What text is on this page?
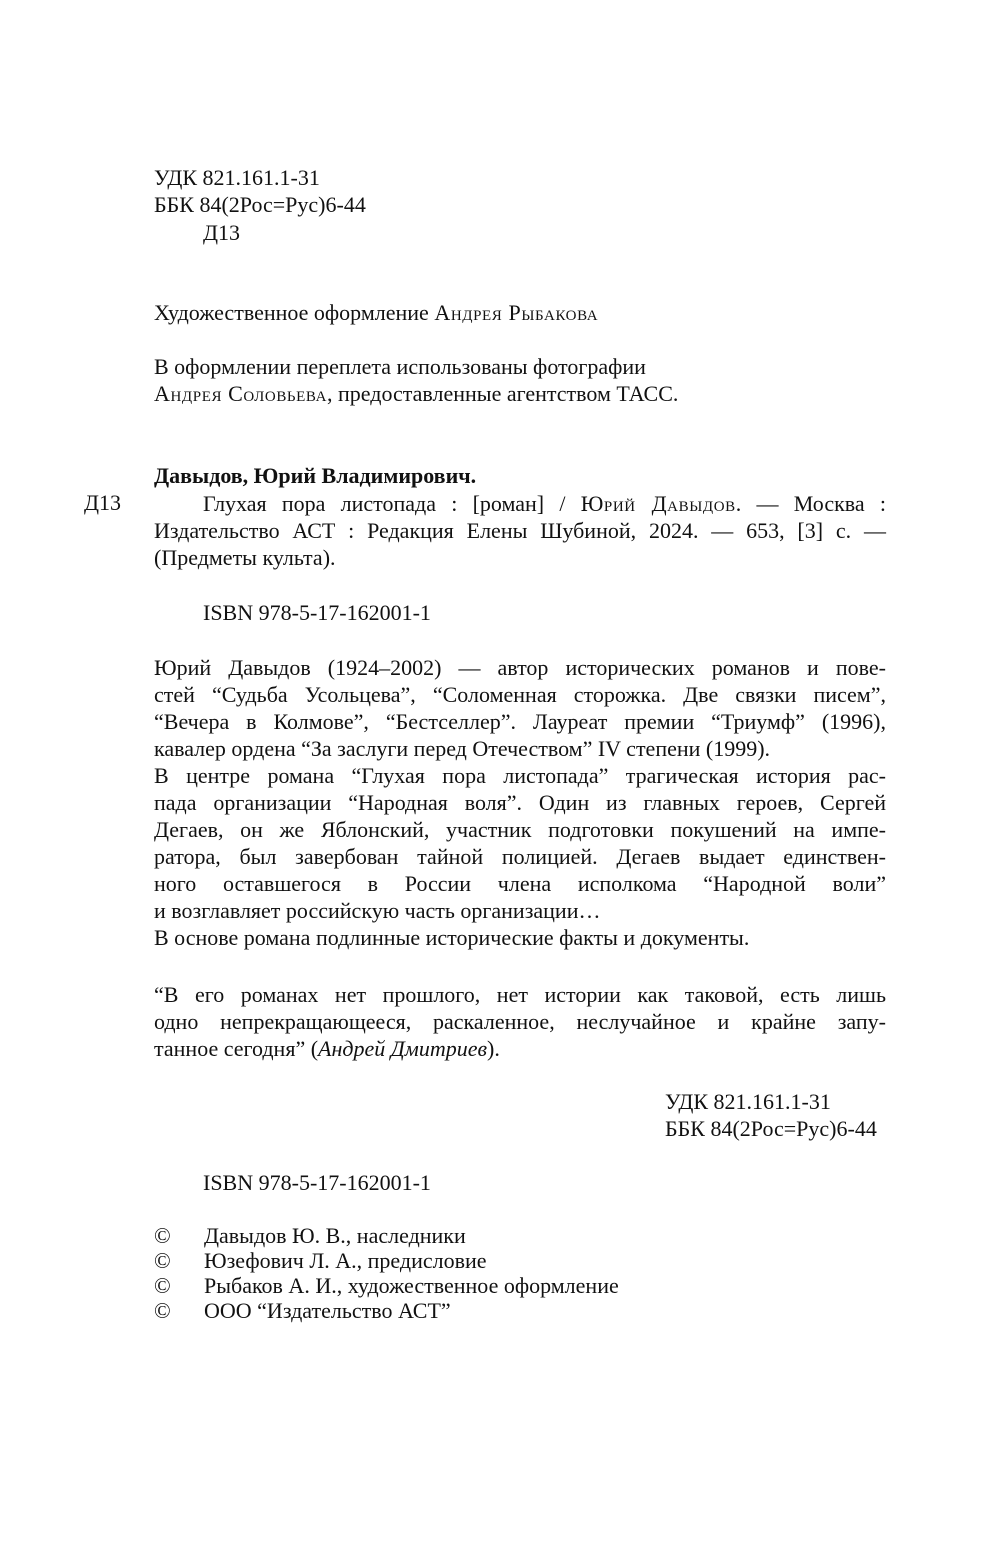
УДК 821.161.1-31
ББК 84(2Рос=Рус)6-44
Д13
Художественное оформление Андрея Рыбакова
В оформлении переплета использованы фотографии
Андрея Соловьева, предоставленные агентством ТАСС.
Давыдов, Юрий Владимирович.
Д13	Глухая пора листопада : [роман] / Юрий Давыдов. — Москва :
Издательство АСТ : Редакция Елены Шубиной, 2024. — 653, [3] с. —
(Предметы культа).
ISBN 978-5-17-162001-1
Юрий Давыдов (1924–2002) — автор исторических романов и пове-
стей “Судьба Усольцева”, “Соломенная сторожка. Две связки писем”,
“Вечера в Колмове”, “Бестселлер”. Лауреат премии “Триумф” (1996),
кавалер ордена “За заслуги перед Отечеством” IV степени (1999).
В центре романа “Глухая пора листопада” трагическая история рас-
пада организации “Народная воля”. Один из главных героев, Сергей
Дегаев, он же Яблонский, участник подготовки покушений на импе-
ратора, был завербован тайной полицией. Дегаев выдает единствен-
ного оставшегося в России члена исполкома “Народной воли”
и возглавляет российскую часть организации…
В основе романа подлинные исторические факты и документы.
“В его романах нет прошлого, нет истории как таковой, есть лишь
одно непрекращающееся, раскаленное, неслучайное и крайне запу-
танное сегодня” (Андрей Дмитриев).
УДК 821.161.1-31
ББК 84(2Рос=Рус)6-44
ISBN 978-5-17-162001-1
© Давыдов Ю. В., наследники
© Юзефович Л. А., предисловие
© Рыбаков А. И., художественное оформление
© ООО “Издательство АСТ”
